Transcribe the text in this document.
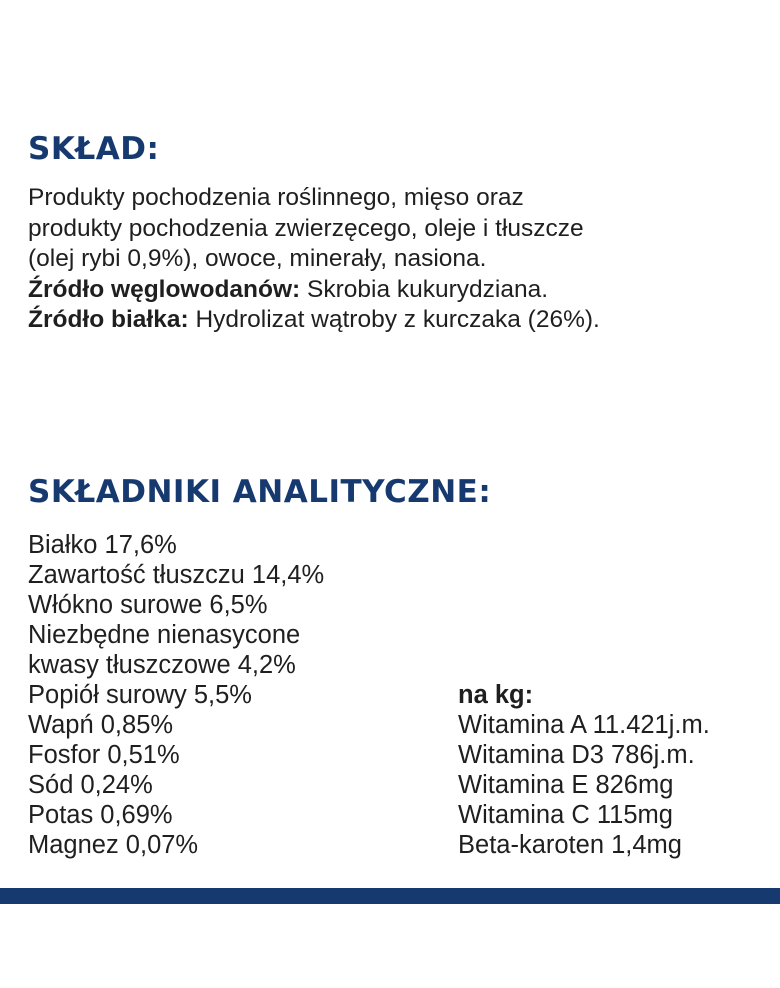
SKŁAD:

Produkty pochodzenia roślinnego, mięso oraz
produkty pochodzenia zwierzęcego, oleje i tłuszcze
(olej rybi 0,9%), owoce, minerały, nasiona.
Źródło węglowodanów: Skrobia kukurydziana.
Źródło białka: Hydrolizat wątroby z kurczaka (26%).

SKŁADNIKI ANALITYCZNE:
Białko 17,6%
Zawartość tłuszczu 14,4%
Włókno surowe 6,5%
Niezbędne nienasycone
kwasy tłuszczowe 4,2%
Popiół surowy 5,5%
Wapń 0,85%
Fosfor 0,51%
Sód 0,24%
Potas 0,69%
Magnez 0,07%
na kg:
Witamina A 11.421j.m.
Witamina D3 786j.m.
Witamina E 826mg
Witamina C 115mg
Beta-karoten 1,4mg
